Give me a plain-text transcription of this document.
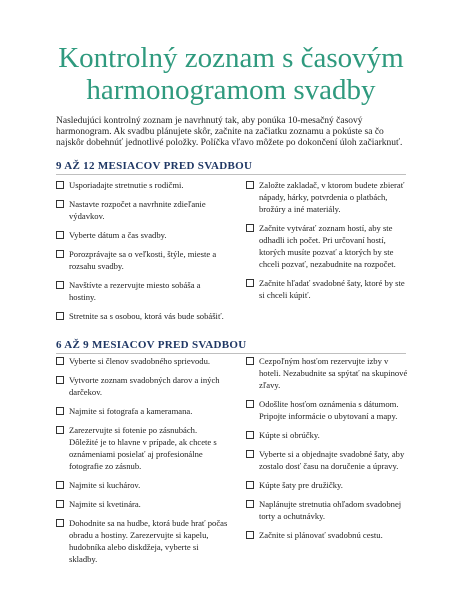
Kontrolný zoznam s časovým harmonogramom svadby
Nasledujúci kontrolný zoznam je navrhnutý tak, aby ponúka 10-mesačný časový harmonogram. Ak svadbu plánujete skôr, začnite na začiatku zoznamu a pokúste sa čo najskôr dobehnúť jednotlivé položky. Políčka vľavo môžete po dokončení úloh začiarknuť.
9 AŽ 12 MESIACOV PRED SVADBOU
Usporiadajte stretnutie s rodičmi.
Nastavte rozpočet a navrhnite zdieľanie výdavkov.
Vyberte dátum a čas svadby.
Porozprávajte sa o veľkosti, štýle, mieste a rozsahu svadby.
Navštívte a rezervujte miesto sobáša a hostiny.
Stretnite sa s osobou, ktorá vás bude sobášiť.
Založte zakladač, v ktorom budete zbierať nápady, hárky, potvrdenia o platbách, brožúry a iné materiály.
Začnite vytvárať zoznam hostí, aby ste odhadli ich počet. Pri určovaní hostí, ktorých musíte pozvať a ktorých by ste chceli pozvať, nezabudnite na rozpočet.
Začnite hľadať svadobné šaty, ktoré by ste si chceli kúpiť.
6 AŽ 9 MESIACOV PRED SVADBOU
Vyberte si členov svadobného sprievodu.
Vytvorte zoznam svadobných darov a iných darčekov.
Najmite si fotografa a kameramana.
Zarezervujte si fotenie po zásnubách. Dôležité je to hlavne v prípade, ak chcete s oznámeniami posielať aj profesionálne fotografie zo zásnub.
Najmite si kuchárov.
Najmite si kvetinára.
Dohodnite sa na hudbe, ktorá bude hrať počas obradu a hostiny. Zarezervujte si kapelu, hudobníka alebo diskdžeja, vyberte si skladby.
Cezpoľným hosťom rezervujte izby v hoteli. Nezabudnite sa spýtať na skupinové zľavy.
Odošlite hosťom oznámenia s dátumom. Pripojte informácie o ubytovaní a mapy.
Kúpte si obrúčky.
Vyberte si a objednajte svadobné šaty, aby zostalo dosť času na doručenie a úpravy.
Kúpte šaty pre družičky.
Naplánujte stretnutia ohľadom svadobnej torty a ochutnávky.
Začnite si plánovať svadobnú cestu.
